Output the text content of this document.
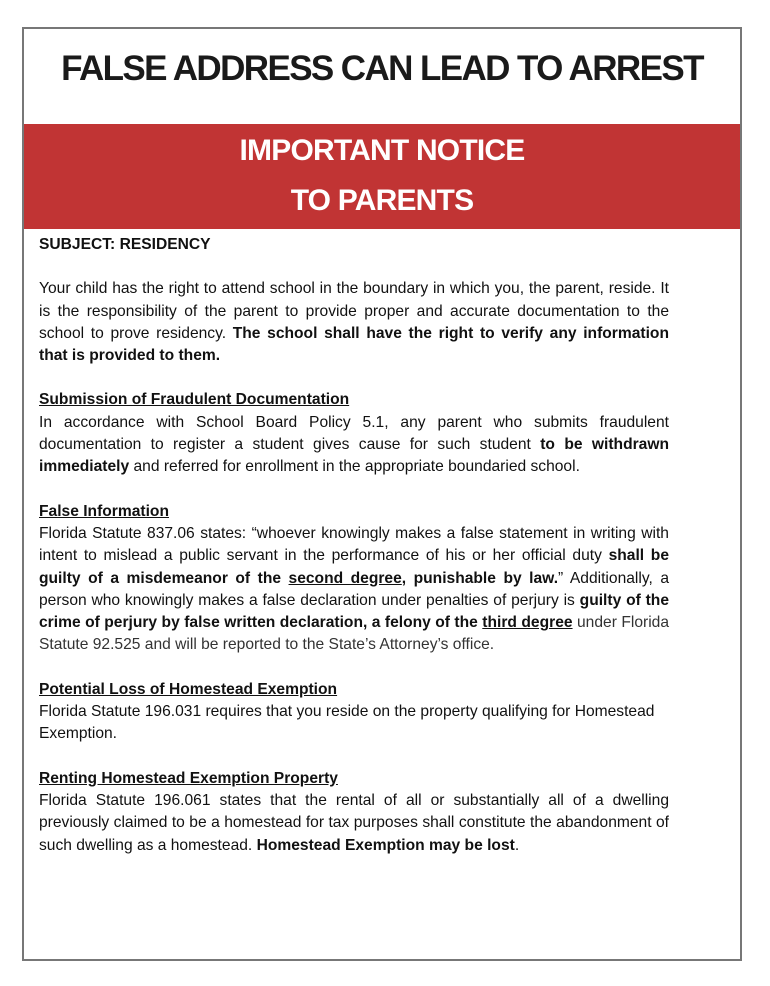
FALSE ADDRESS CAN LEAD TO ARREST
IMPORTANT NOTICE
TO PARENTS
SUBJECT: RESIDENCY
Your child has the right to attend school in the boundary in which you, the parent, reside. It is the responsibility of the parent to provide proper and accurate documentation to the school to prove residency. The school shall have the right to verify any information that is provided to them.
Submission of Fraudulent Documentation
In accordance with School Board Policy 5.1, any parent who submits fraudulent documentation to register a student gives cause for such student to be withdrawn immediately and referred for enrollment in the appropriate boundaried school.
False Information
Florida Statute 837.06 states: “whoever knowingly makes a false statement in writing with intent to mislead a public servant in the performance of his or her official duty shall be guilty of a misdemeanor of the second degree, punishable by law.” Additionally, a person who knowingly makes a false declaration under penalties of perjury is guilty of the crime of perjury by false written declaration, a felony of the third degree under Florida Statute 92.525 and will be reported to the State’s Attorney’s office.
Potential Loss of Homestead Exemption
Florida Statute 196.031 requires that you reside on the property qualifying for Homestead Exemption.
Renting Homestead Exemption Property
Florida Statute 196.061 states that the rental of all or substantially all of a dwelling previously claimed to be a homestead for tax purposes shall constitute the abandonment of such dwelling as a homestead. Homestead Exemption may be lost.
